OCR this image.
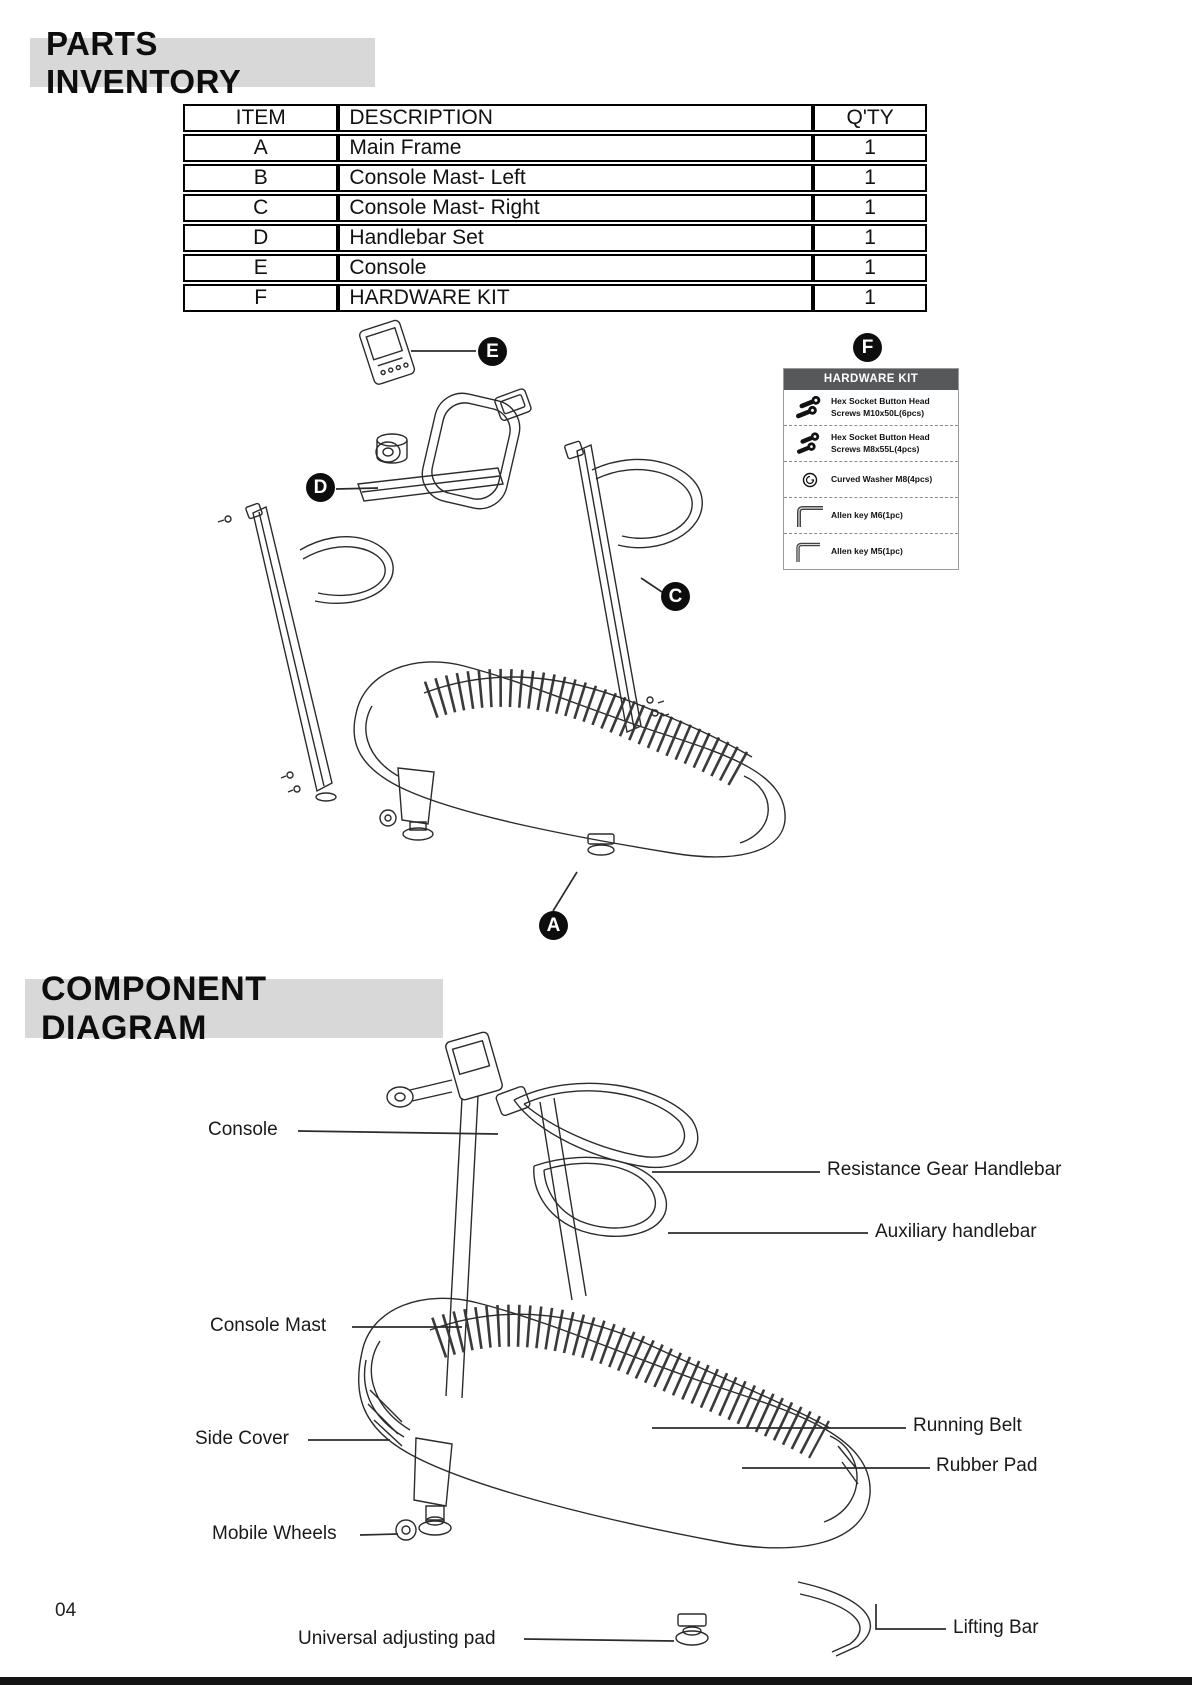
PARTS INVENTORY
ITEM	DESCRIPTION	Q'TY
A	Main Frame	1
B	Console Mast- Left	1
C	Console Mast- Right	1
D	Handlebar Set	1
E	Console	1
F	HARDWARE KIT	1
E	F
D
C
A
HARDWARE KIT
Hex Socket Button Head Screws M10x50L(6pcs)
Hex Socket Button Head Screws M8x55L(4pcs)
Curved Washer M8(4pcs)
Allen key M6(1pc)
Allen key M5(1pc)
COMPONENT DIAGRAM
Console
Resistance Gear Handlebar
Auxiliary handlebar
Console Mast
Side Cover
Running Belt
Rubber Pad
Mobile Wheels
Universal adjusting pad
Lifting Bar
04
